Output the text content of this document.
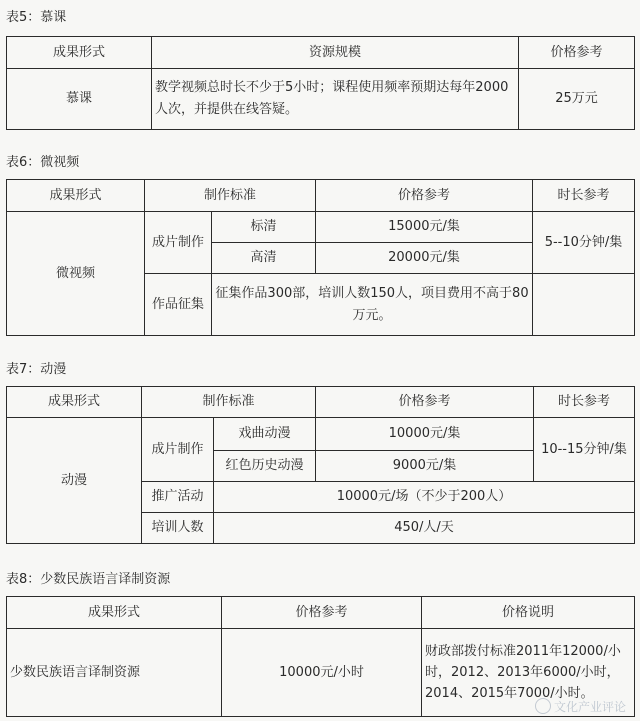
表5：慕课
成果形式	资源规模	价格参考
慕课	教学视频总时长不少于5小时；课程使用频率预期达每年2000人次，并提供在线答疑。	25万元
表6：微视频
成果形式	制作标准		价格参考	时长参考
微视频	成片制作	标清	15000元/集	5--10分钟/集
		高清	20000元/集	
	作品征集	征集作品300部，培训人数150人，项目费用不高于80万元。		
表7：动漫
成果形式	制作标准		价格参考	时长参考
动漫	成片制作	戏曲动漫	10000元/集	10--15分钟/集
		红色历史动漫	9000元/集	
	推广活动	10000元/场（不少于200人）		
	培训人数	450/人/天		
表8：少数民族语言译制资源
成果形式	价格参考	价格说明
少数民族语言译制资源	10000元/小时	财政部拨付标准2011年12000/小时，2012、2013年6000/小时，2014、2015年7000/小时。
文化产业评论
